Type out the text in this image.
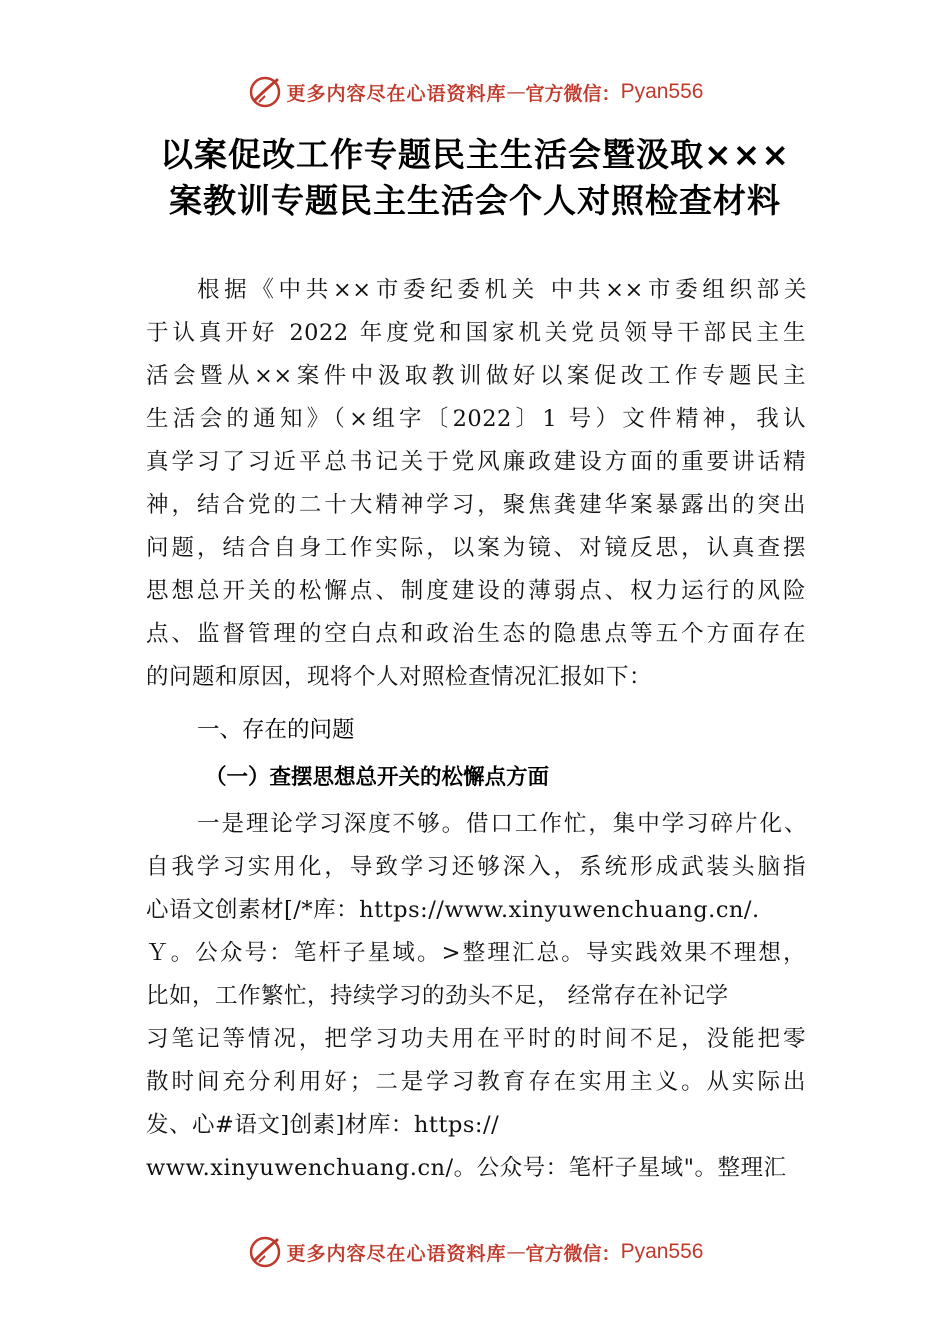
更多内容尽在心语资料库 — 官方微信： Pyan556
以案促改工作专题民主生活会暨汲取×××
案教训专题民主生活会个人对照检查材料
根据《中共××市委纪委机关 中共××市委组织部关
于认真开好 2022 年度党和国家机关党员领导干部民主生
活会暨从××案件中汲取教训做好以案促改工作专题民主
生活会的通知》（×组字〔2022〕1 号）文件精神，我认
真学习了习近平总书记关于党风廉政建设方面的重要讲话精
神，结合党的二十大精神学习，聚焦龚建华案暴露出的突出
问题，结合自身工作实际，以案为镜、对镜反思，认真查摆
思想总开关的松懈点、制度建设的薄弱点、权力运行的风险
点、监督管理的空白点和政治生态的隐患点等五个方面存在
的问题和原因，现将个人对照检查情况汇报如下：
一、存在的问题
（一）查摆思想总开关的松懈点方面
一是理论学习深度不够。借口工作忙，集中学习碎片化、
自我学习实用化，导致学习还够深入，系统形成武装头脑指
心语文创素材[/*库：https://www.xinyuwenchuang.cn/.
Ｙ。公众号：笔杆子星域。>整理汇总。导实践效果不理想，
比如，工作繁忙，持续学习的劲头不足， 经常存在补记学
习笔记等情况，把学习功夫用在平时的时间不足，没能把零
散时间充分利用好；二是学习教育存在实用主义。从实际出
发、心#语文]创素]材库：https://
www.xinyuwenchuang.cn/。公众号：笔杆子星域"。整理汇
更多内容尽在心语资料库 — 官方微信： Pyan556
